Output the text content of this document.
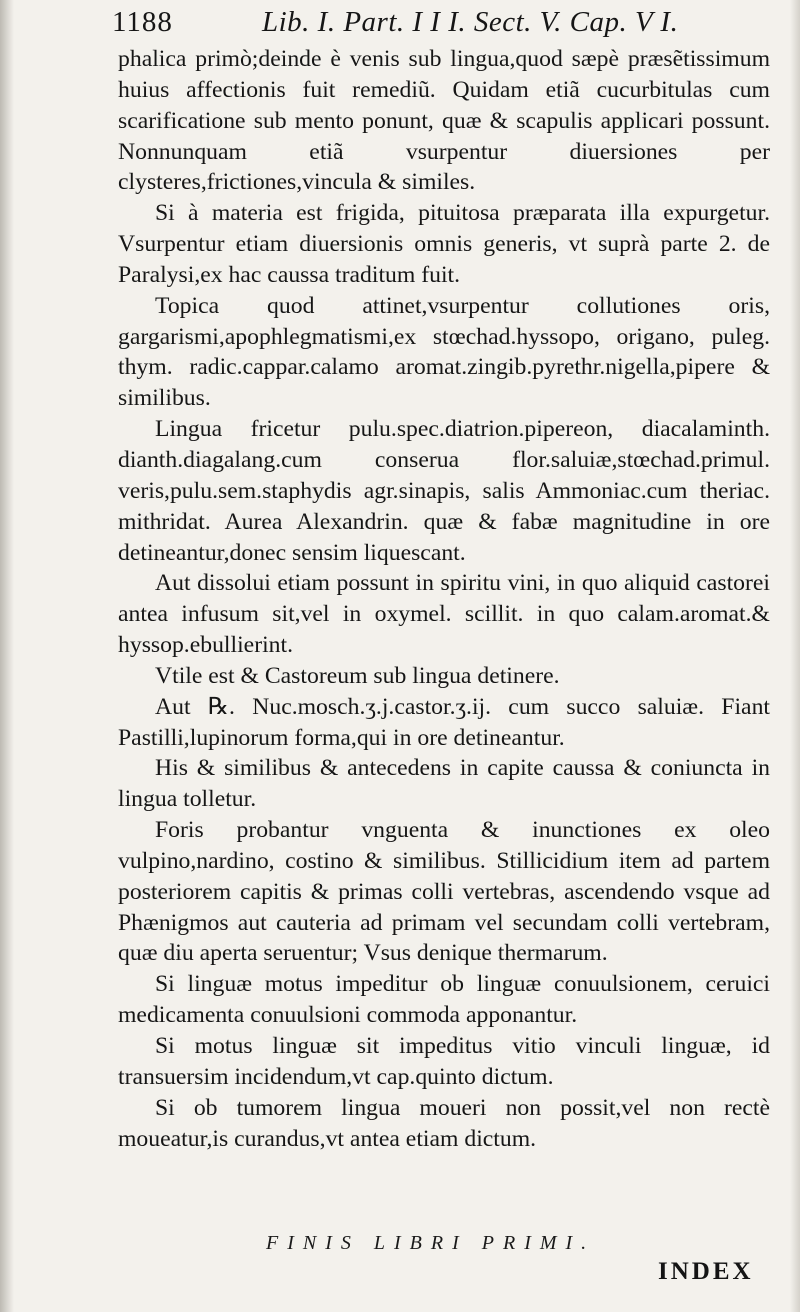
1188	Lib. I. Part. I I I. Sect. V. Cap. V I.

phalica primò;deinde è venis sub lingua,quod sæpè præsẽtissimum huius affectionis fuit remediũ. Quidam etiã cucurbitulas cum scarificatione sub mento ponunt, quæ & scapulis applicari possunt. Nonnunquam etiã vsurpentur diuersiones per clysteres,frictiones,vincula & similes.

Si à materia est frigida, pituitosa præparata illa expurgetur. Vsurpentur etiam diuersionis omnis generis, vt suprà parte 2. de Paralysi,ex hac caussa traditum fuit.

Topica quod attinet,vsurpentur collutiones oris, gargarismi,apophlegmatismi,ex stœchad.hyssopo, origano, puleg. thym. radic.cappar.calamo aromat.zingib.pyrethr.nigella,pipere & similibus.

Lingua fricetur pulu.spec.diatrion.pipereon, diacalaminth. dianth.diagalang.cum conserua flor.saluiæ,stœchad.primul. veris,pulu.sem.staphydis agr.sinapis, salis Ammoniac.cum theriac. mithridat. Aurea Alexandrin. quæ & fabæ magnitudine in ore detineantur,donec sensim liquescant.

Aut dissolui etiam possunt in spiritu vini, in quo aliquid castorei antea infusum sit,vel in oxymel. scillit. in quo calam.aromat.& hyssop.ebullierint.

Vtile est & Castoreum sub lingua detinere.

Aut ℞. Nuc.mosch.ʒ.j.castor.ʒ.ij. cum succo saluiæ. Fiant Pastilli,lupinorum forma,qui in ore detineantur.

His & similibus & antecedens in capite caussa & coniuncta in lingua tolletur.

Foris probantur vnguenta & inunctiones ex oleo vulpino,nardino, costino & similibus. Stillicidium item ad partem posteriorem capitis & primas colli vertebras, ascendendo vsque ad Phænigmos aut cauteria ad primam vel secundam colli vertebram, quæ diu aperta seruentur; Vsus denique thermarum.

Si linguæ motus impeditur ob linguæ conuulsionem, ceruici medicamenta conuulsioni commoda apponantur.

Si motus linguæ sit impeditus vitio vinculi linguæ, id transuersim incidendum,vt cap.quinto dictum.

Si ob tumorem lingua moueri non possit,vel non rectè moueatur,is curandus,vt antea etiam dictum.

FINIS LIBRI PRIMI.
INDEX
